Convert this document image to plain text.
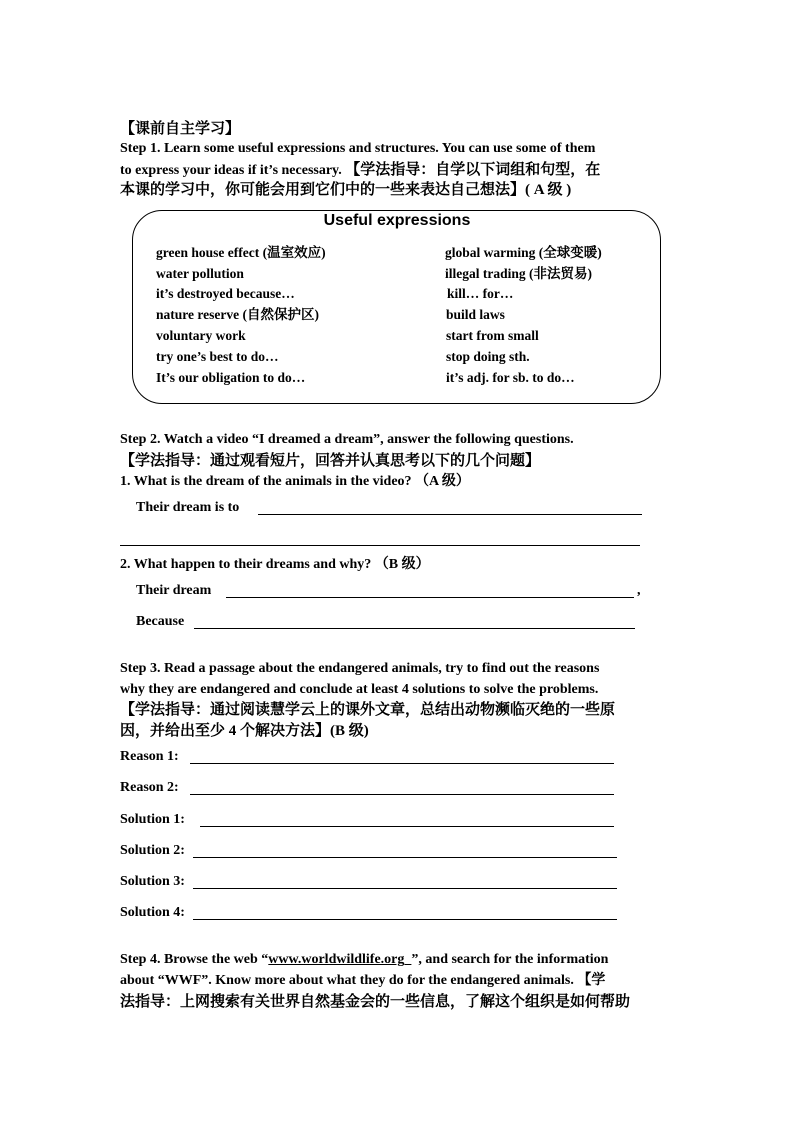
【课前自主学习】
Step 1. Learn some useful expressions and structures. You can use some of them
to express your ideas if it’s necessary. 【学法指导：自学以下词组和句型，在
本课的学习中，你可能会用到它们中的一些来表达自己想法】( A 级 )
Useful expressions
green house effect (温室效应)
water pollution
it’s destroyed because…
nature reserve (自然保护区)
voluntary work
try one’s best to do…
It’s our obligation to do…
global warming (全球变暖)
illegal trading (非法贸易)
kill… for…
build laws
start from small
stop doing sth.
it’s adj. for sb. to do…
Step 2. Watch a video “I dreamed a dream”, answer the following questions.
【学法指导：通过观看短片，回答并认真思考以下的几个问题】
1. What is the dream of the animals in the video? （A 级）
Their dream is to
2. What happen to their dreams and why? （B 级）
Their dream	,
Because
Step 3. Read a passage about the endangered animals, try to find out the reasons
why they are endangered and conclude at least 4 solutions to solve the problems.
【学法指导：通过阅读慧学云上的课外文章，总结出动物濒临灭绝的一些原
因，并给出至少 4 个解决方法】(B 级)
Reason 1:
Reason 2:
Solution 1:
Solution 2:
Solution 3:
Solution 4:
Step 4. Browse the web “www.worldwildlife.org ”, and search for the information
about “WWF”. Know more about what they do for the endangered animals. 【学
法指导：上网搜索有关世界自然基金会的一些信息，了解这个组织是如何帮助
